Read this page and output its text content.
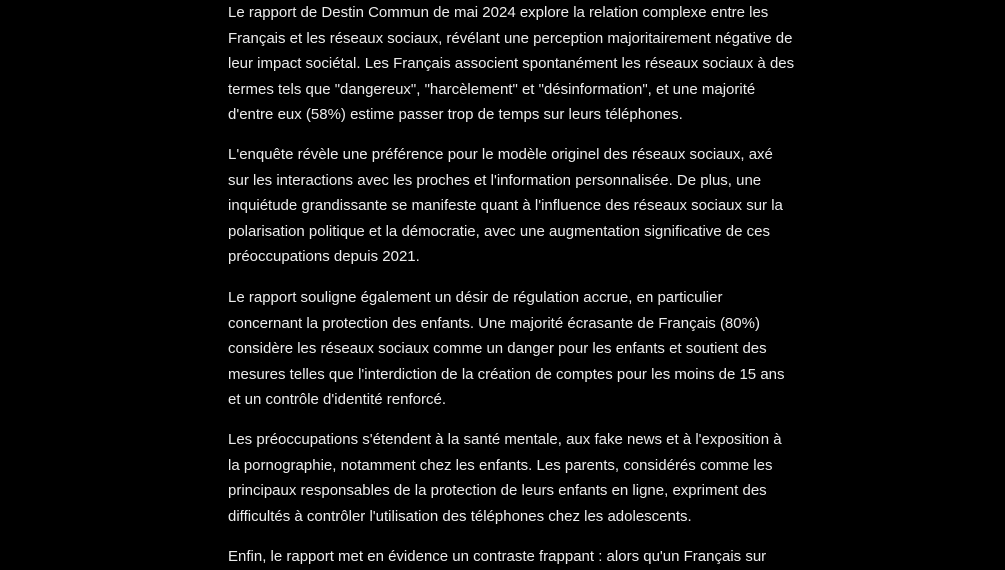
Le rapport de Destin Commun de mai 2024 explore la relation complexe entre les
Français et les réseaux sociaux, révélant une perception majoritairement négative de
leur impact sociétal. Les Français associent spontanément les réseaux sociaux à des
termes tels que "dangereux", "harcèlement" et "désinformation", et une majorité
d'entre eux (58%) estime passer trop de temps sur leurs téléphones.

L'enquête révèle une préférence pour le modèle originel des réseaux sociaux, axé
sur les interactions avec les proches et l'information personnalisée. De plus, une
inquiétude grandissante se manifeste quant à l'influence des réseaux sociaux sur la
polarisation politique et la démocratie, avec une augmentation significative de ces
préoccupations depuis 2021.

Le rapport souligne également un désir de régulation accrue, en particulier
concernant la protection des enfants. Une majorité écrasante de Français (80%)
considère les réseaux sociaux comme un danger pour les enfants et soutient des
mesures telles que l'interdiction de la création de comptes pour les moins de 15 ans
et un contrôle d'identité renforcé.

Les préoccupations s'étendent à la santé mentale, aux fake news et à l'exposition à
la pornographie, notamment chez les enfants. Les parents, considérés comme les
principaux responsables de la protection de leurs enfants en ligne, expriment des
difficultés à contrôler l'utilisation des téléphones chez les adolescents.

Enfin, le rapport met en évidence un contraste frappant : alors qu'un Français sur
